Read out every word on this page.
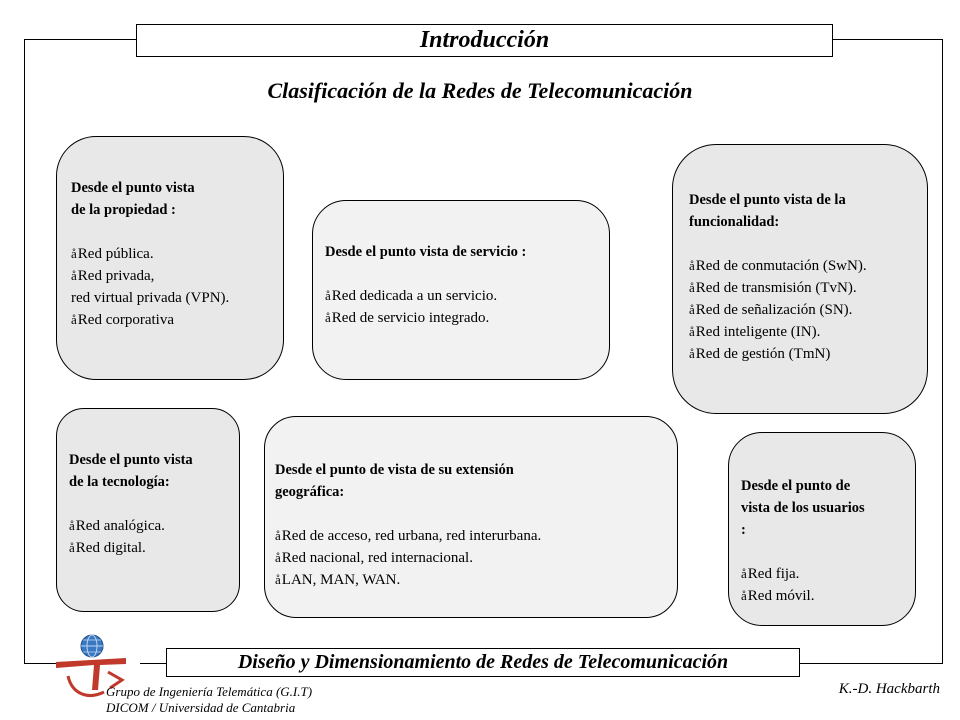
Introducción
Clasificación de la Redes de Telecomunicación
Desde el punto vista
de la propiedad :
åRed pública.
åRed privada,
red virtual privada (VPN).
åRed corporativa
Desde el punto vista de servicio :
åRed dedicada a un servicio.
åRed de servicio integrado.
Desde el punto vista de la
funcionalidad:
åRed de conmutación (SwN).
åRed de transmisión (TvN).
åRed de señalización (SN).
åRed inteligente (IN).
åRed de gestión (TmN)
Desde el punto vista
de la tecnología:
åRed analógica.
åRed digital.
Desde el punto de vista de su extensión
geográfica:
åRed de acceso, red urbana, red interurbana.
åRed nacional, red internacional.
åLAN, MAN, WAN.
Desde el punto de
vista de los usuarios
:
åRed fija.
åRed móvil.
Diseño y Dimensionamiento de Redes de Telecomunicación
Grupo de Ingeniería Telemática (G.I.T)
DICOM / Universidad de Cantabria
K.-D. Hackbarth
